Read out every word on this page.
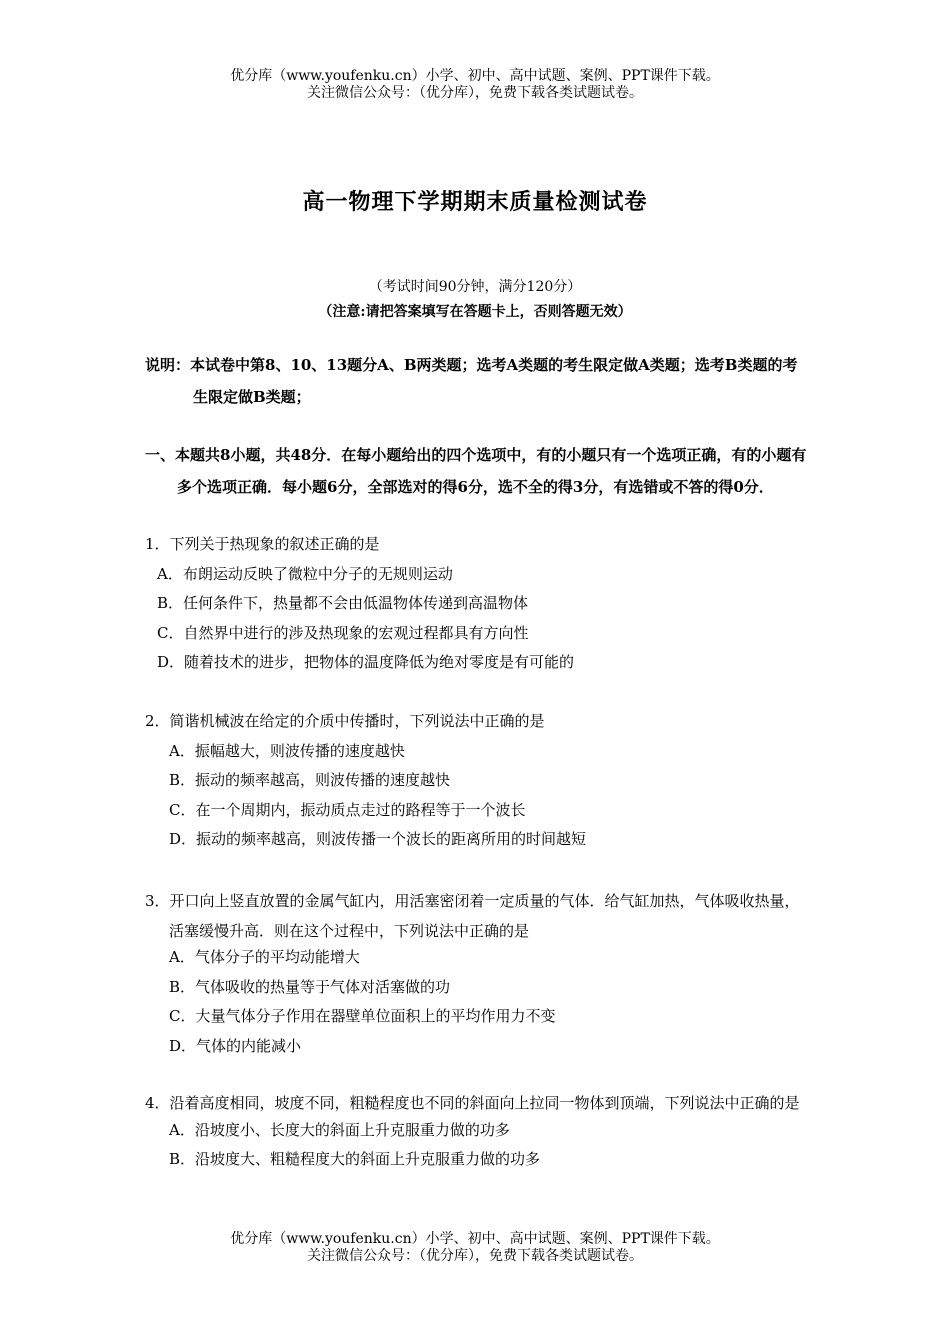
优分库（www.youfenku.cn）小学、初中、高中试题、案例、PPT课件下载。
关注微信公众号：（优分库），免费下载各类试题试卷。
高一物理下学期期末质量检测试卷
（考试时间90分钟，满分120分）
（注意:请把答案填写在答题卡上，否则答题无效）
说明：本试卷中第8、10、13题分A、B两类题；选考A类题的考生限定做A类题；选考B类题的考生限定做B类题；
一、本题共8小题，共48分．在每小题给出的四个选项中，有的小题只有一个选项正确，有的小题有多个选项正确．每小题6分，全部选对的得6分，选不全的得3分，有选错或不答的得0分．
1．下列关于热现象的叙述正确的是
A．布朗运动反映了微粒中分子的无规则运动
B．任何条件下，热量都不会由低温物体传递到高温物体
C．自然界中进行的涉及热现象的宏观过程都具有方向性
D．随着技术的进步，把物体的温度降低为绝对零度是有可能的
2．简谐机械波在给定的介质中传播时，下列说法中正确的是
A．振幅越大，则波传播的速度越快
B．振动的频率越高，则波传播的速度越快
C．在一个周期内，振动质点走过的路程等于一个波长
D．振动的频率越高，则波传播一个波长的距离所用的时间越短
3．开口向上竖直放置的金属气缸内，用活塞密闭着一定质量的气体．给气缸加热，气体吸收热量，活塞缓慢升高．则在这个过程中，下列说法中正确的是
A．气体分子的平均动能增大
B．气体吸收的热量等于气体对活塞做的功
C．大量气体分子作用在器壁单位面积上的平均作用力不变
D．气体的内能减小
4．沿着高度相同，坡度不同，粗糙程度也不同的斜面向上拉同一物体到顶端，下列说法中正确的是
A．沿坡度小、长度大的斜面上升克服重力做的功多
B．沿坡度大、粗糙程度大的斜面上升克服重力做的功多
优分库（www.youfenku.cn）小学、初中、高中试题、案例、PPT课件下载。
关注微信公众号：（优分库），免费下载各类试题试卷。
